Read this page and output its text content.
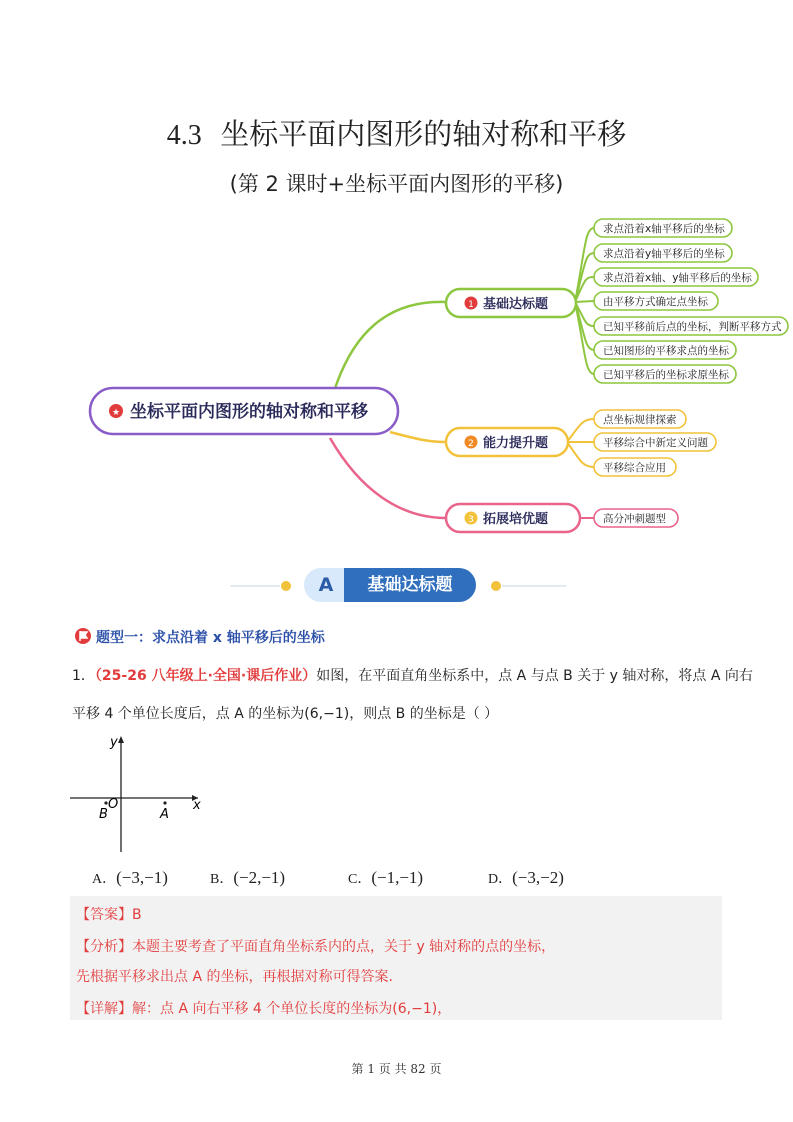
4.3 坐标平面内图形的轴对称和平移
(第 2 课时+坐标平面内图形的平移)
★ 坐标平面内图形的轴对称和平移
1 基础达标题
2 能力提升题
3 拓展培优题
求点沿着x轴平移后的坐标
求点沿着y轴平移后的坐标
求点沿着x轴、y轴平移后的坐标
由平移方式确定点坐标
已知平移前后点的坐标，判断平移方式
已知图形的平移求点的坐标
已知平移后的坐标求原坐标
点坐标规律探索
平移综合中新定义问题
平移综合应用
高分冲刺题型
A	基础达标题
题型一：求点沿着 x 轴平移后的坐标
1．（25-26 八年级上·全国·课后作业）如图，在平面直角坐标系中，点 A 与点 B 关于 y 轴对称，将点 A 向右
平移 4 个单位长度后，点 A 的坐标为(6,−1)，则点 B 的坐标是（ ）
y
x
O
B	A
A．(−3,−1)	B．(−2,−1)	C．(−1,−1)	D．(−3,−2)
【答案】B
【分析】本题主要考查了平面直角坐标系内的点，关于 y 轴对称的点的坐标，
先根据平移求出点 A 的坐标，再根据对称可得答案.
【详解】解：点 A 向右平移 4 个单位长度的坐标为(6,−1)，
第 1 页 共 82 页
